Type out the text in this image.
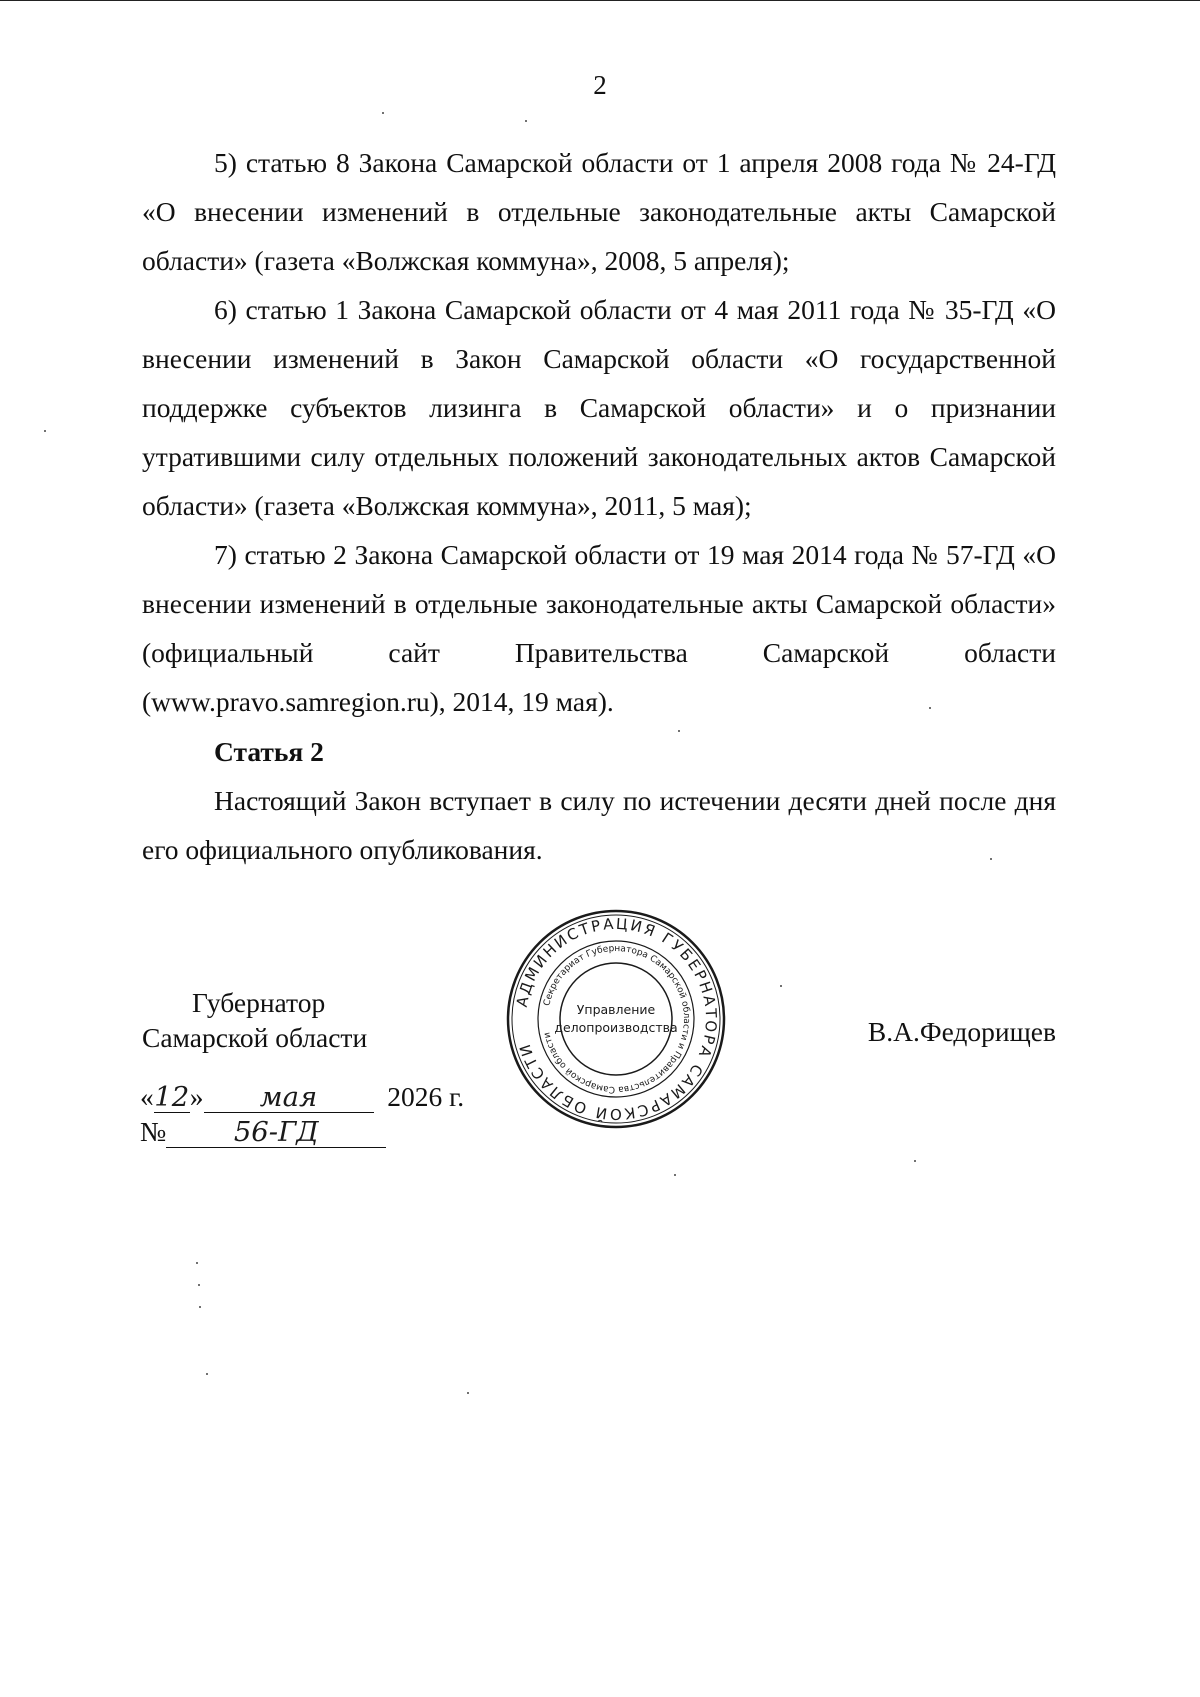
2

5) статью 8 Закона Самарской области от 1 апреля 2008 года № 24-ГД «О внесении изменений в отдельные законодательные акты Самарской области» (газета «Волжская коммуна», 2008, 5 апреля);

6) статью 1 Закона Самарской области от 4 мая 2011 года № 35-ГД «О внесении изменений в Закон Самарской области «О государственной поддержке субъектов лизинга в Самарской области» и о признании утратившими силу отдельных положений законодательных актов Самарской области» (газета «Волжская коммуна», 2011, 5 мая);

7) статью 2 Закона Самарской области от 19 мая 2014 года № 57-ГД «О внесении изменений в отдельные законодательные акты Самарской области» (официальный сайт Правительства Самарской области (www.pravo.samregion.ru), 2014, 19 мая).

Статья 2

Настоящий Закон вступает в силу по истечении десяти дней после дня его официального опубликования.

Губернатор
Самарской области	В.А.Федорищев
«12» мая	2026 г.
№ 56-ГД
АДМИНИСТРАЦИЯ ГУБЕРНАТОРА САМАРСКОЙ ОБЛАСТИ
Секретариат Губернатора Самарской области и Правительства Самарской области
Управление
делопроизводства
